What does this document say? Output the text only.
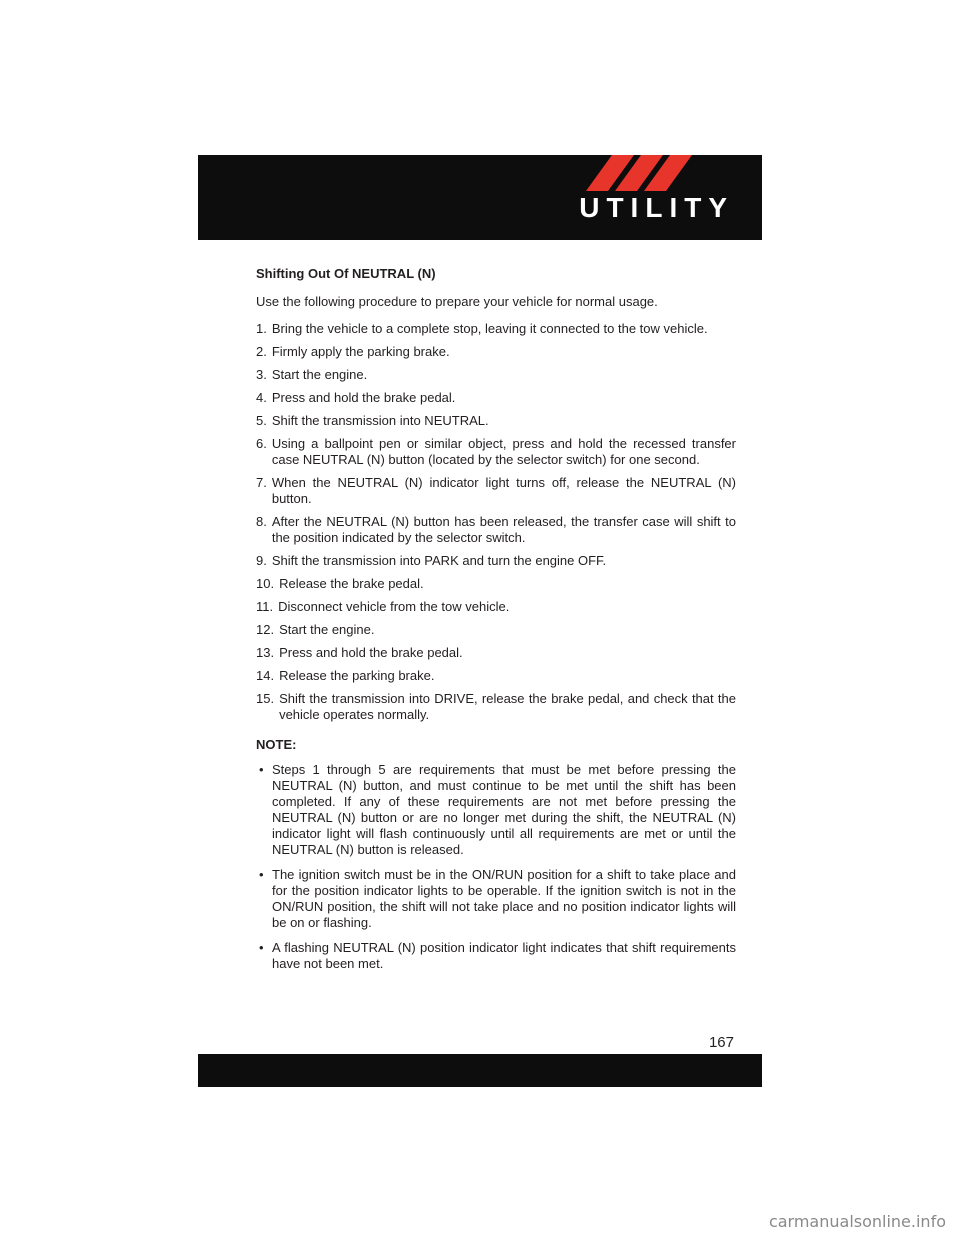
UTILITY
Shifting Out Of NEUTRAL (N)
Use the following procedure to prepare your vehicle for normal usage.
1. Bring the vehicle to a complete stop, leaving it connected to the tow vehicle.
2. Firmly apply the parking brake.
3. Start the engine.
4. Press and hold the brake pedal.
5. Shift the transmission into NEUTRAL.
6. Using a ballpoint pen or similar object, press and hold the recessed transfer case NEUTRAL (N) button (located by the selector switch) for one second.
7. When the NEUTRAL (N) indicator light turns off, release the NEUTRAL (N) button.
8. After the NEUTRAL (N) button has been released, the transfer case will shift to the position indicated by the selector switch.
9. Shift the transmission into PARK and turn the engine OFF.
10. Release the brake pedal.
11. Disconnect vehicle from the tow vehicle.
12. Start the engine.
13. Press and hold the brake pedal.
14. Release the parking brake.
15. Shift the transmission into DRIVE, release the brake pedal, and check that the vehicle operates normally.
NOTE:
• Steps 1 through 5 are requirements that must be met before pressing the NEUTRAL (N) button, and must continue to be met until the shift has been completed. If any of these requirements are not met before pressing the NEUTRAL (N) button or are no longer met during the shift, the NEUTRAL (N) indicator light will flash continuously until all requirements are met or until the NEUTRAL (N) button is released.
• The ignition switch must be in the ON/RUN position for a shift to take place and for the position indicator lights to be operable. If the ignition switch is not in the ON/RUN position, the shift will not take place and no position indicator lights will be on or flashing.
• A flashing NEUTRAL (N) position indicator light indicates that shift requirements have not been met.
167
carmanualsonline.info
